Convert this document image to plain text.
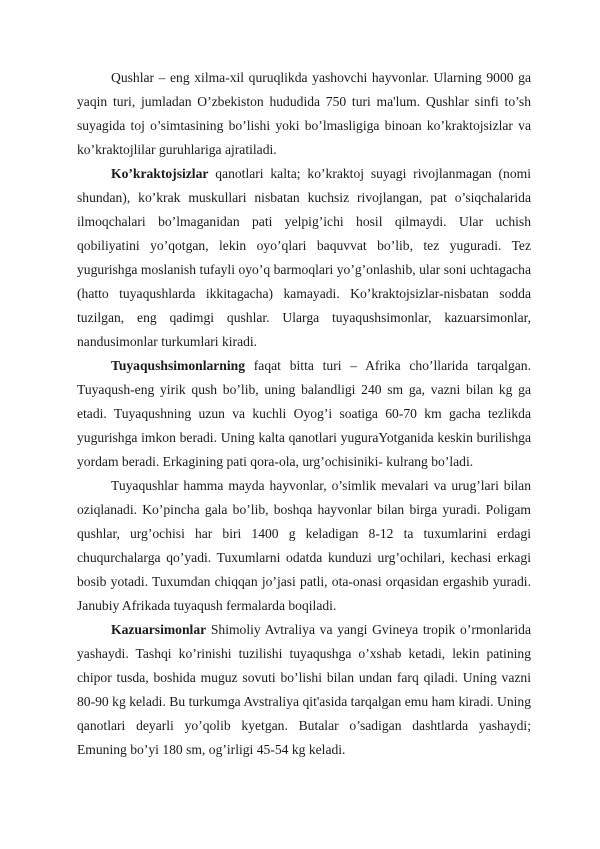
Qushlar – eng xilma-xil quruqlikda yashovchi hayvonlar. Ularning 9000 ga yaqin turi, jumladan O’zbekiston hududida 750 turi ma'lum. Qushlar sinfi to’sh suyagida toj o’simtasining bo’lishi yoki bo’lmasligiga binoan ko’kraktojsizlar va ko’kraktojlilar guruhlariga ajratiladi.

Ko’kraktojsizlar qanotlari kalta; ko’kraktoj suyagi rivojlanmagan (nomi shundan), ko’krak muskullari nisbatan kuchsiz rivojlangan, pat o’siqchalarida ilmoqchalari bo’lmaganidan pati yelpig’ichi hosil qilmaydi. Ular uchish qobiliyatini yo’qotgan, lekin oyo’qlari baquvvat bo’lib, tez yuguradi. Tez yugurishga moslanish tufayli oyo’q barmoqlari yo’g’onlashib, ular soni uchtagacha (hatto tuyaqushlarda ikkitagacha) kamayadi. Ko’kraktojsizlar-nisbatan sodda tuzilgan, eng qadimgi qushlar. Ularga tuyaqushsimonlar, kazuarsimonlar, nandusimonlar turkumlari kiradi.

Tuyaqushsimonlarning faqat bitta turi – Afrika cho’llarida tarqalgan. Tuyaqush-eng yirik qush bo’lib, uning balandligi 240 sm ga, vazni bilan kg ga etadi. Tuyaqushning uzun va kuchli Oyog’i soatiga 60-70 km gacha tezlikda yugurishga imkon beradi. Uning kalta qanotlari yuguraYotganida keskin burilishga yordam beradi. Erkagining pati qora-ola, urg’ochisiniki- kulrang bo’ladi.

Tuyaqushlar hamma mayda hayvonlar, o’simlik mevalari va urug’lari bilan oziqlanadi. Ko’pincha gala bo’lib, boshqa hayvonlar bilan birga yuradi. Poligam qushlar, urg’ochisi har biri 1400 g keladigan 8-12 ta tuxumlarini erdagi chuqurchalarga qo’yadi. Tuxumlarni odatda kunduzi urg’ochilari, kechasi erkagi bosib yotadi. Tuxumdan chiqqan jo’jasi patli, ota-onasi orqasidan ergashib yuradi. Janubiy Afrikada tuyaqush fermalarda boqiladi.

Kazuarsimonlar Shimoliy Avtraliya va yangi Gvineya tropik o’rmonlarida yashaydi. Tashqi ko’rinishi tuzilishi tuyaqushga o’xshab ketadi, lekin patining chipor tusda, boshida muguz sovuti bo’lishi bilan undan farq qiladi. Uning vazni 80-90 kg keladi. Bu turkumga Avstraliya qit'asida tarqalgan emu ham kiradi. Uning qanotlari deyarli yo’qolib kyetgan. Butalar o’sadigan dashtlarda yashaydi; Emuning bo’yi 180 sm, og’irligi 45-54 kg keladi.
